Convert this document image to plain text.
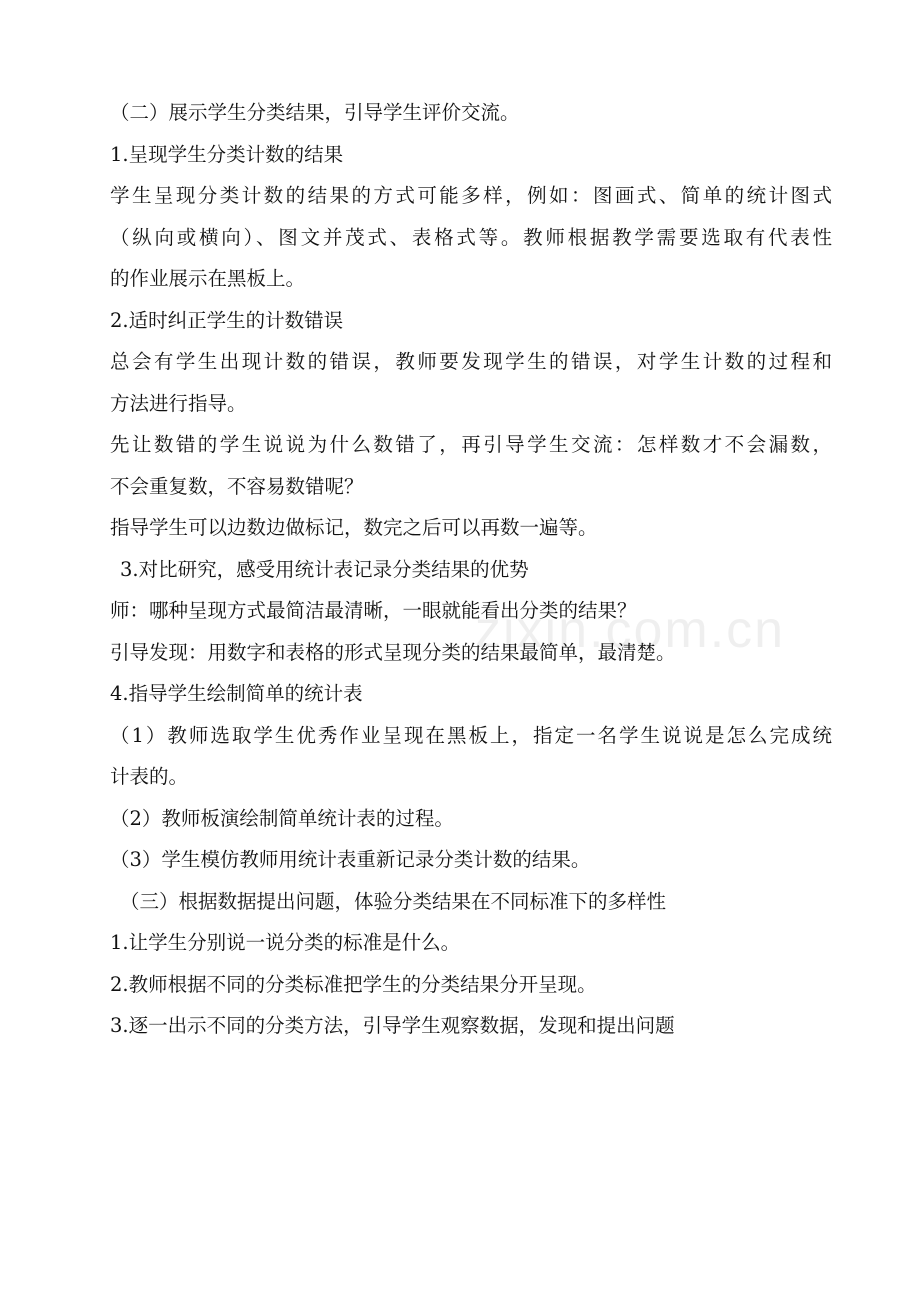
zixin.com.cn
（二）展示学生分类结果，引导学生评价交流。
1.呈现学生分类计数的结果
学生呈现分类计数的结果的方式可能多样，例如：图画式、简单的统计图式
（纵向或横向）、图文并茂式、表格式等。教师根据教学需要选取有代表性
的作业展示在黑板上。
2.适时纠正学生的计数错误
总会有学生出现计数的错误，教师要发现学生的错误，对学生计数的过程和
方法进行指导。
先让数错的学生说说为什么数错了，再引导学生交流：怎样数才不会漏数，
不会重复数，不容易数错呢？
指导学生可以边数边做标记，数完之后可以再数一遍等。
3.对比研究，感受用统计表记录分类结果的优势
师：哪种呈现方式最简洁最清晰，一眼就能看出分类的结果？
引导发现：用数字和表格的形式呈现分类的结果最简单，最清楚。
4.指导学生绘制简单的统计表
（1）教师选取学生优秀作业呈现在黑板上，指定一名学生说说是怎么完成统
计表的。
（2）教师板演绘制简单统计表的过程。
（3）学生模仿教师用统计表重新记录分类计数的结果。
（三）根据数据提出问题，体验分类结果在不同标准下的多样性
1.让学生分别说一说分类的标准是什么。
2.教师根据不同的分类标准把学生的分类结果分开呈现。
3.逐一出示不同的分类方法，引导学生观察数据，发现和提出问题
